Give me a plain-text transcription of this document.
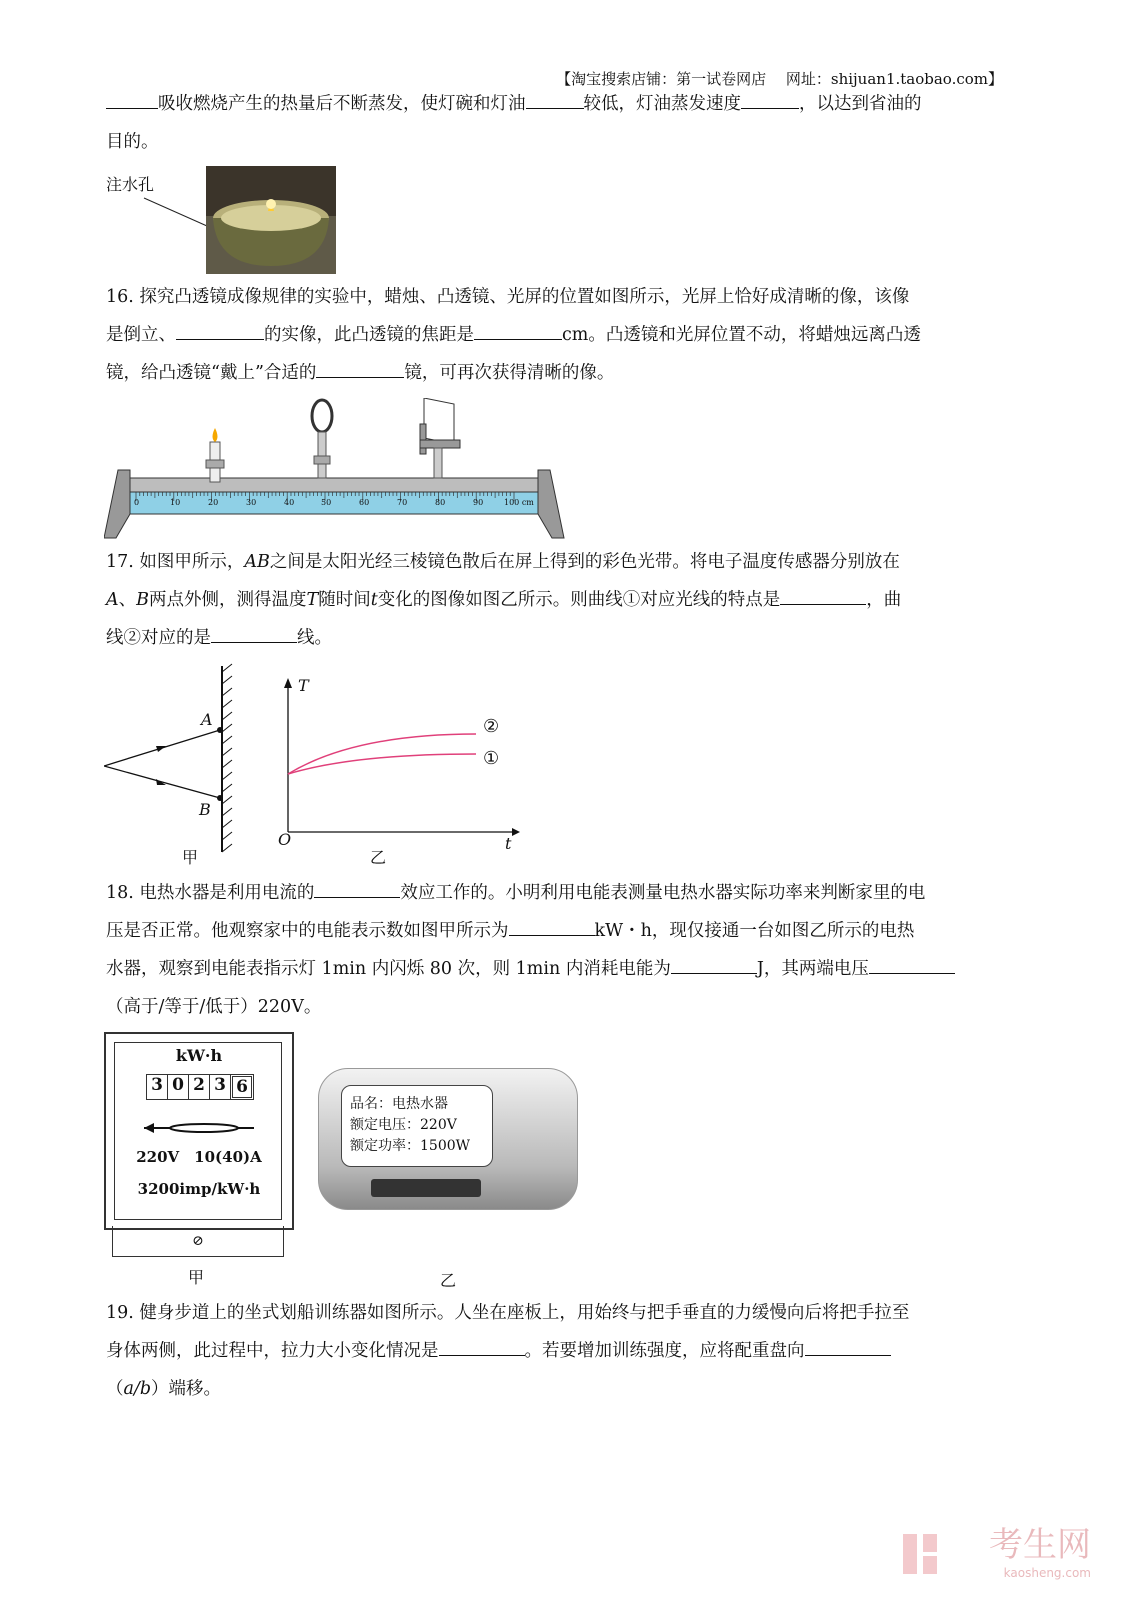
【淘宝搜索店铺：第一试卷网店　 网址：shijuan1.taobao.com】
吸收燃烧产生的热量后不断蒸发，使灯碗和灯油	较低，灯油蒸发速度	，以达到省油的
目的。
注水孔
16. 探究凸透镜成像规律的实验中，蜡烛、凸透镜、光屏的位置如图所示，光屏上恰好成清晰的像，该像
是倒立、	的实像，此凸透镜的焦距是	cm。凸透镜和光屏位置不动，将蜡烛远离凸透
镜，给凸透镜“戴上”合适的	镜，可再次获得清晰的像。
0	10	20	30	40	50	60	70	80	90	100 cm
17. 如图甲所示，AB之间是太阳光经三棱镜色散后在屏上得到的彩色光带。将电子温度传感器分别放在
A、B两点外侧，测得温度T随时间t变化的图像如图乙所示。则曲线①对应光线的特点是	，曲
线②对应的是	线。
A
B
甲	乙
T
t
O
②
①
18. 电热水器是利用电流的	效应工作的。小明利用电能表测量电热水器实际功率来判断家里的电
压是否正常。他观察家中的电能表示数如图甲所示为	kW・h，现仅接通一台如图乙所示的电热
水器，观察到电能表指示灯 1min 内闪烁 80 次，则 1min 内消耗电能为	J，其两端电压
（高于/等于/低于）220V。
kW·h
3 0 2 3 6
220V　10(40)A
3200imp/kW·h
⊘
甲
品名：电热水器
额定电压：220V
额定功率：1500W
乙
19. 健身步道上的坐式划船训练器如图所示。人坐在座板上，用始终与把手垂直的力缓慢向后将把手拉至
身体两侧，此过程中，拉力大小变化情况是	。若要增加训练强度，应将配重盘向
（a/b）端移。
考生网
kaosheng.com
